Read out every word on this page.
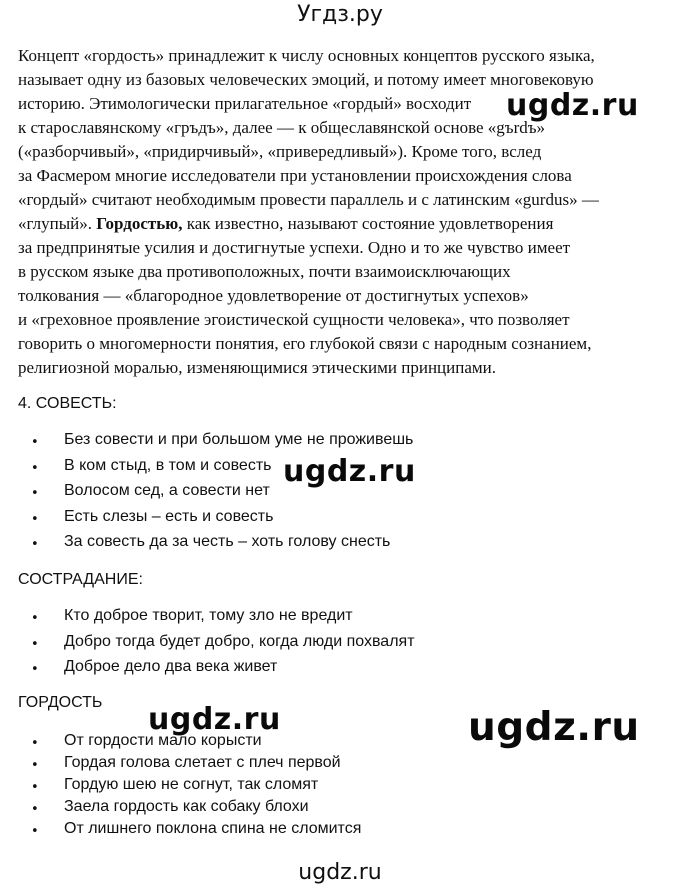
Угдз.ру
Концепт «гордость» принадлежит к числу основных концептов русского языка,
называет одну из базовых человеческих эмоций, и потому имеет многовековую
историю. Этимологически прилагательное «гордый» восходит
к старославянскому «гръдъ», далее — к общеславянской основе «gъrdъ»
(«разборчивый», «придирчивый», «привередливый»). Кроме того, вслед
за Фасмером многие исследователи при установлении происхождения слова
«гордый» считают необходимым провести параллель и с латинским «gurdus» —
«глупый». Гордостью, как известно, называют состояние удовлетворения
за предпринятые усилия и достигнутые успехи. Одно и то же чувство имеет
в русском языке два противоположных, почти взаимоисключающих
толкования — «благородное удовлетворение от достигнутых успехов»
и «греховное проявление эгоистической сущности человека», что позволяет
говорить о многомерности понятия, его глубокой связи с народным сознанием,
религиозной моралью, изменяющимися этическими принципами.
4. СОВЕСТЬ:
• Без совести и при большом уме не проживешь
• В ком стыд, в том и совесть
• Волосом сед, а совести нет
• Есть слезы – есть и совесть
• За совесть да за честь – хоть голову снесть
СОСТРАДАНИЕ:
• Кто доброе творит, тому зло не вредит
• Добро тогда будет добро, когда люди похвалят
• Доброе дело два века живет
ГОРДОСТЬ
• От гордости мало корысти
• Гордая голова слетает с плеч первой
• Гордую шею не согнут, так сломят
• Заела гордость как собаку блохи
• От лишнего поклона спина не сломится
ugdz.ru
ugdz.ru
ugdz.ru	ugdz.ru
ugdz.ru
